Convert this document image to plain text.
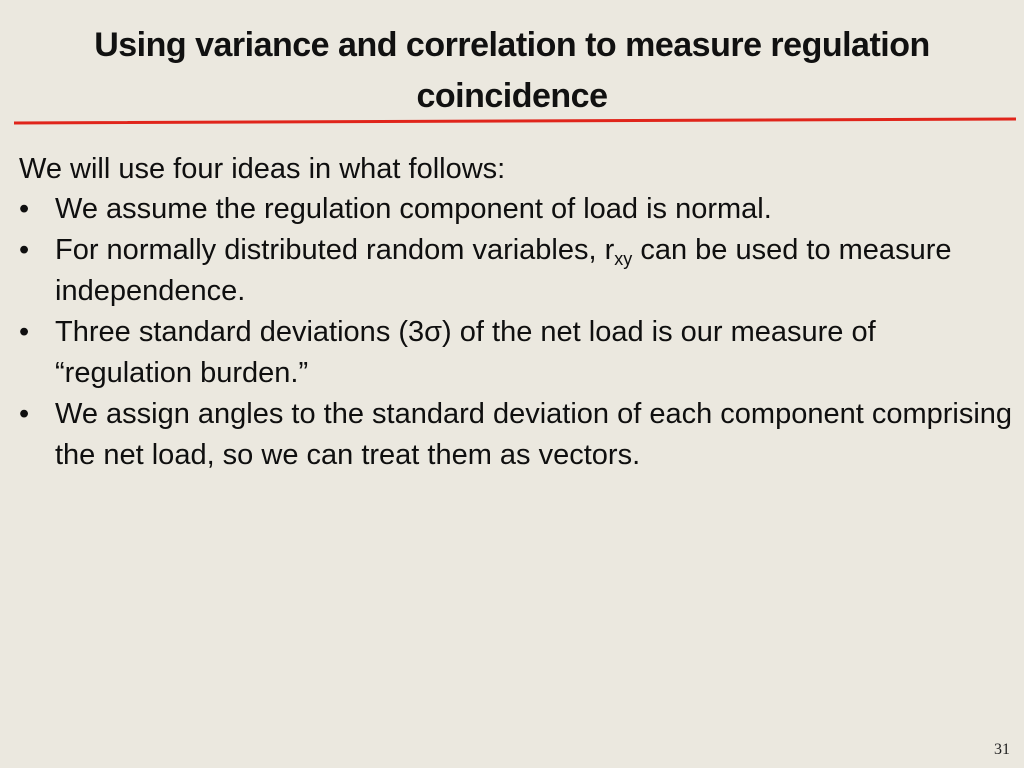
Using variance and correlation to measure regulation
coincidence

We will use four ideas in what follows:

• We assume the regulation component of load is normal.
• For normally distributed random variables, $r_{xy}$ can be used to measure independence.
• Three standard deviations (3σ) of the net load is our measure of “regulation burden.”
• We assign angles to the standard deviation of each component comprising the net load, so we can treat them as vectors.
31
